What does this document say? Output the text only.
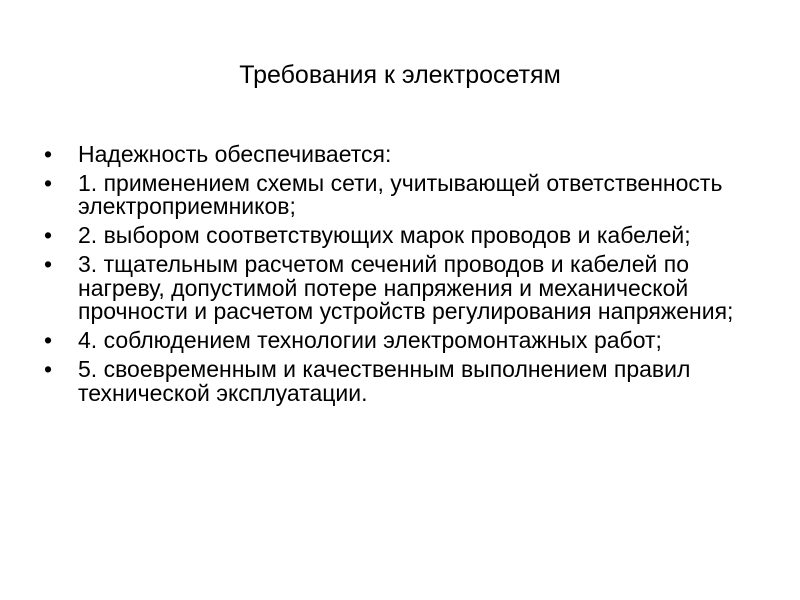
Требования к электросетям
•	Надежность обеспечивается:
•	1. применением схемы сети, учитывающей ответственность электроприемников;
•	2. выбором соответствующих марок проводов и кабелей;
•	3. тщательным расчетом сечений проводов и кабелей по нагреву, допустимой потере напряжения и механической прочности и расчетом устройств регулирования напряжения;
•	4. соблюдением технологии электромонтажных работ;
•	5. своевременным и качественным выполнением правил технической эксплуатации.
